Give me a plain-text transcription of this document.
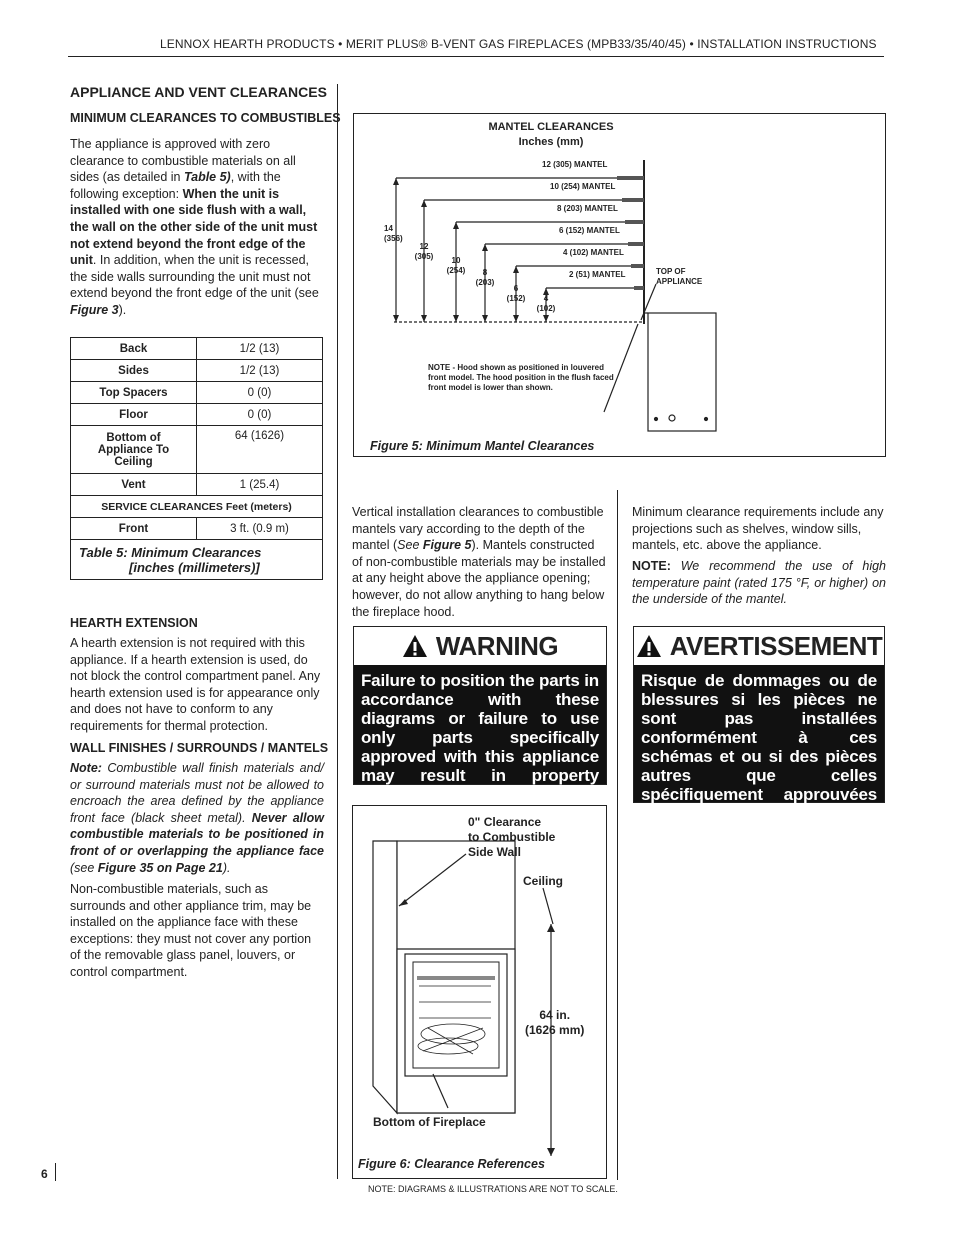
LENNOX HEARTH PRODUCTS • MERIT PLUS® B-VENT GAS FIREPLACES (MPB33/35/40/45) • INSTALLATION INSTRUCTIONS
APPLIANCE AND VENT CLEARANCES
MINIMUM CLEARANCES TO COMBUSTIBLES
The appliance is approved with zero clearance to combustible materials on all sides (as detailed in Table 5), with the following exception: When the unit is installed with one side flush with a wall, the wall on the other side of the unit must not extend beyond the front edge of the unit. In addition, when the unit is recessed, the side walls surrounding the unit must not extend beyond the front edge of the unit (see Figure 3).
Back	1/2 (13)
Sides	1/2 (13)
Top Spacers	0 (0)
Floor	0 (0)
Bottom of Appliance To Ceiling	64 (1626)
Vent	1 (25.4)
SERVICE CLEARANCES Feet (meters)	
Front	3 ft. (0.9 m)

Table 5: Minimum Clearances
[inches (millimeters)]	
HEARTH EXTENSION
A hearth extension is not required with this appliance. If a hearth extension is used, do not block the control compartment panel. Any hearth extension used is for appearance only and does not have to conform to any requirements for thermal protection.
WALL FINISHES / SURROUNDS / MANTELS
Note: Combustible wall finish materials and/ or surround materials must not be allowed to encroach the area defined by the appliance front face (black sheet metal). Never allow combustible materials to be positioned in front of or overlapping the appliance face (see Figure 35 on Page 21).
Non-combustible materials, such as surrounds and other appliance trim, may be installed on the appliance face with these exceptions: they must not cover any portion of the removable glass panel, louvers, or control compartment.
6
MANTEL CLEARANCES
Inches (mm)
12 (305) MANTEL
10 (254) MANTEL
8 (203) MANTEL
6 (152) MANTEL
4 (102) MANTEL
2 (51) MANTEL
14
(356)
12
(305)	10
(254)	8
(203)
6
(152)	4
(102)
TOP OF
APPLIANCE
NOTE - Hood shown as positioned in louvered front model. The hood position in the flush faced front model is lower than shown.
Figure 5: Minimum Mantel Clearances
Vertical installation clearances to combustible mantels vary according to the depth of the mantel (See Figure 5). Mantels constructed of non-combustible materials may be installed at any height above the appliance opening; however, do not allow anything to hang below the fireplace hood.
Minimum clearance requirements include any projections such as shelves, window sills, mantels, etc. above the appliance.
NOTE: We recommend the use of high temperature paint (rated 175 °F, or higher) on the underside of the mantel.
WARNING
Failure to position the parts in accordance with these diagrams or failure to use only parts specifically approved with this appliance may result in property damage or personal injury.
AVERTISSEMENT
Risque de dommages ou de blessures si les pièces ne sont pas installées conformément à ces schémas et ou si des pièces autres que celles spécifiquement approuvées avec cet appareil sont utilisées.
0" Clearance
to Combustible
Side Wall
Ceiling
64 in.
(1626 mm)
Bottom of Fireplace
Figure 6: Clearance References
NOTE: DIAGRAMS & ILLUSTRATIONS ARE NOT TO SCALE.
